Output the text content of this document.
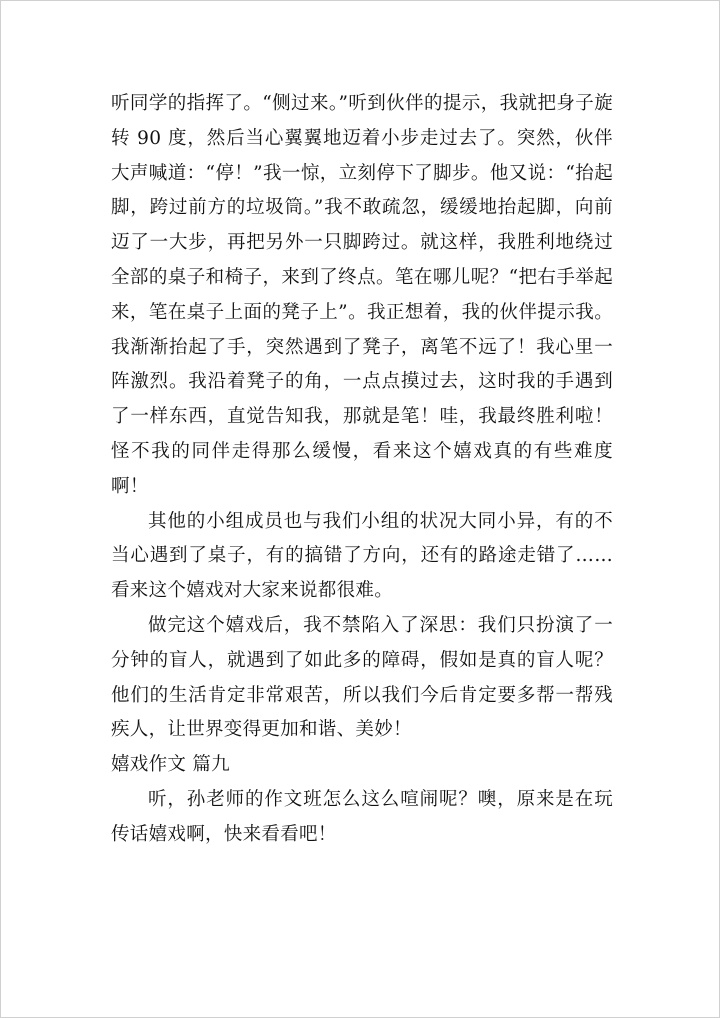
听同学的指挥了。“侧过来。”听到伙伴的提示，我就把身子旋转 90 度，然后当心翼翼地迈着小步走过去了。突然，伙伴大声喊道：“停！”我一惊，立刻停下了脚步。他又说：“抬起脚，跨过前方的垃圾筒。”我不敢疏忽，缓缓地抬起脚，向前迈了一大步，再把另外一只脚跨过。就这样，我胜利地绕过全部的桌子和椅子，来到了终点。笔在哪儿呢？“把右手举起来，笔在桌子上面的凳子上”。我正想着，我的伙伴提示我。我渐渐抬起了手，突然遇到了凳子，离笔不远了！我心里一阵激烈。我沿着凳子的角，一点点摸过去，这时我的手遇到了一样东西，直觉告知我，那就是笔！哇，我最终胜利啦！怪不我的同伴走得那么缓慢，看来这个嬉戏真的有些难度啊！

其他的小组成员也与我们小组的状况大同小异，有的不当心遇到了桌子，有的搞错了方向，还有的路途走错了……看来这个嬉戏对大家来说都很难。

做完这个嬉戏后，我不禁陷入了深思：我们只扮演了一分钟的盲人，就遇到了如此多的障碍，假如是真的盲人呢？他们的生活肯定非常艰苦，所以我们今后肯定要多帮一帮残疾人，让世界变得更加和谐、美妙！

嬉戏作文 篇九

听，孙老师的作文班怎么这么喧闹呢？噢，原来是在玩传话嬉戏啊，快来看看吧！
